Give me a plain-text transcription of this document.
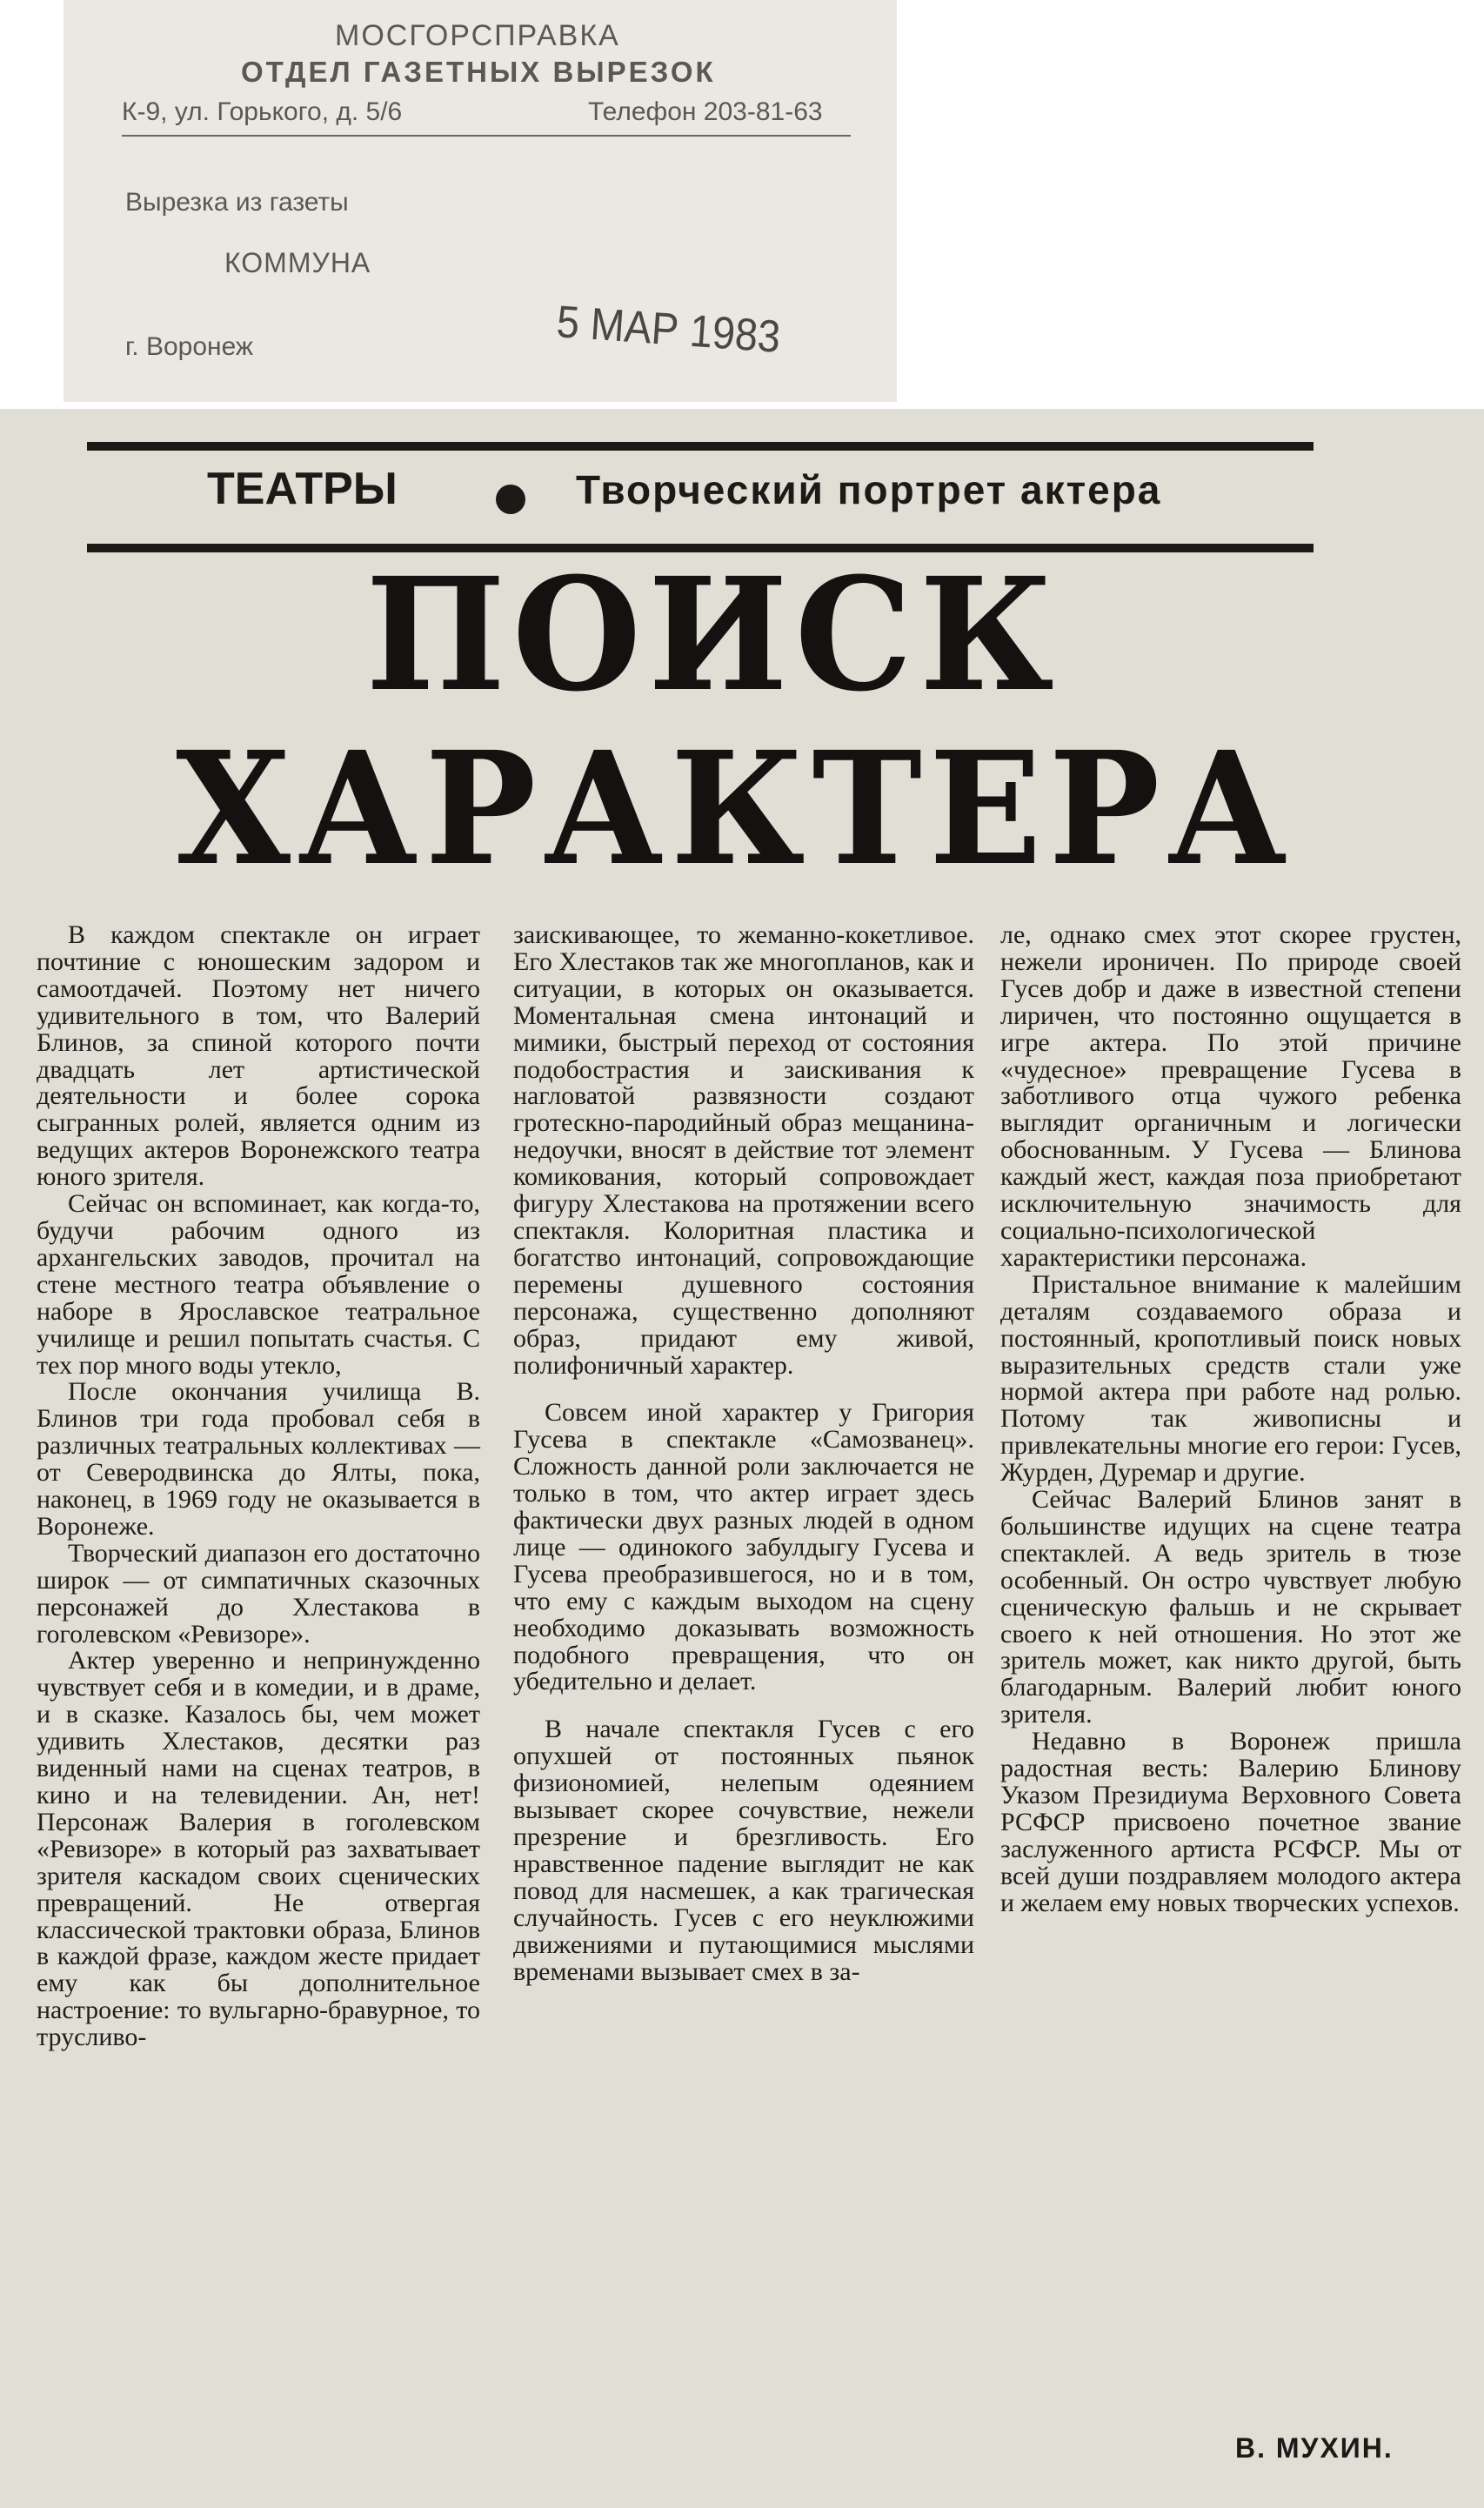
МОСГОРСПРАВКА
ОТДЕЛ ГАЗЕТНЫХ ВЫРЕЗОК
К-9, ул. Горького, д. 5/6	Телефон 203-81-63
Вырезка из газеты
КОММУНА
г. Воронеж	5 МАР 1983
ТЕАТРЫ	Творческий портрет актера
ПОИСК
ХАРАКТЕРА

В каждом спектакле он играет почтиние с юношеским задором и самоотдачей. Поэтому нет ничего удивительного в том, что Валерий Блинов, за спиной которого почти двадцать лет артистической деятельности и более сорока сыгранных ролей, является одним из ведущих актеров Воронежского театра юного зрителя.

Сейчас он вспоминает, как когда-то, будучи рабочим одного из архангельских заводов, прочитал на стене местного театра объявление о наборе в Ярославское театральное училище и решил попытать счастья. С тех пор много воды утекло,

После окончания училища В. Блинов три года пробовал себя в различных театральных коллективах — от Северодвинска до Ялты, пока, наконец, в 1969 году не оказывается в Воронеже.

Творческий диапазон его достаточно широк — от симпатичных сказочных персонажей до Хлестакова в гоголевском «Ревизоре».

Актер уверенно и непринужденно чувствует себя и в комедии, и в драме, и в сказке. Казалось бы, чем может удивить Хлестаков, десятки раз виденный нами на сценах театров, в кино и на телевидении. Ан, нет! Персонаж Валерия в гоголевском «Ревизоре» в который раз захватывает зрителя каскадом своих сценических превращений. Не отвергая классической трактовки образа, Блинов в каждой фразе, каждом жесте придает ему как бы дополнительное настроение: то вульгарно-бравурное, то трусливо-

заискивающее, то жеманно-кокетливое. Его Хлестаков так же многопланов, как и ситуации, в которых он оказывается. Моментальная смена интонаций и мимики, быстрый переход от состояния подобострастия и заискивания к нагловатой развязности создают гротескно-пародийный образ мещанина-недоучки, вносят в действие тот элемент комикования, который сопровождает фигуру Хлестакова на протяжении всего спектакля. Колоритная пластика и богатство интонаций, сопровождающие перемены душевного состояния персонажа, существенно дополняют образ, придают ему живой, полифоничный характер.

Совсем иной характер у Григория Гусева в спектакле «Самозванец». Сложность данной роли заключается не только в том, что актер играет здесь фактически двух разных людей в одном лице — одинокого забулдыгу Гусева и Гусева преобразившегося, но и в том, что ему с каждым выходом на сцену необходимо доказывать возможность подобного превращения, что он убедительно и делает.

В начале спектакля Гусев с его опухшей от постоянных пьянок физиономией, нелепым одеянием вызывает скорее сочувствие, нежели презрение и брезгливость. Его нравственное падение выглядит не как повод для насмешек, а как трагическая случайность. Гусев с его неуклюжими движениями и путающимися мыслями временами вызывает смех в за-

ле, однако смех этот скорее грустен, нежели ироничен. По природе своей Гусев добр и даже в известной степени лиричен, что постоянно ощущается в игре актера. По этой причине «чудесное» превращение Гусева в заботливого отца чужого ребенка выглядит органичным и логически обоснованным. У Гусева — Блинова каждый жест, каждая поза приобретают исключительную значимость для социально-психологической характеристики персонажа.

Пристальное внимание к малейшим деталям создаваемого образа и постоянный, кропотливый поиск новых выразительных средств стали уже нормой актера при работе над ролью. Потому так живописны и привлекательны многие его герои: Гусев, Журден, Дуремар и другие.

Сейчас Валерий Блинов занят в большинстве идущих на сцене театра спектаклей. А ведь зритель в тюзе особенный. Он остро чувствует любую сценическую фальшь и не скрывает своего к ней отношения. Но этот же зритель может, как никто другой, быть благодарным. Валерий любит юного зрителя.

Недавно в Воронеж пришла радостная весть: Валерию Блинову Указом Президиума Верховного Совета РСФСР присвоено почетное звание заслуженного артиста РСФСР. Мы от всей души поздравляем молодого актера и желаем ему новых творческих успехов.

В. МУХИН.
